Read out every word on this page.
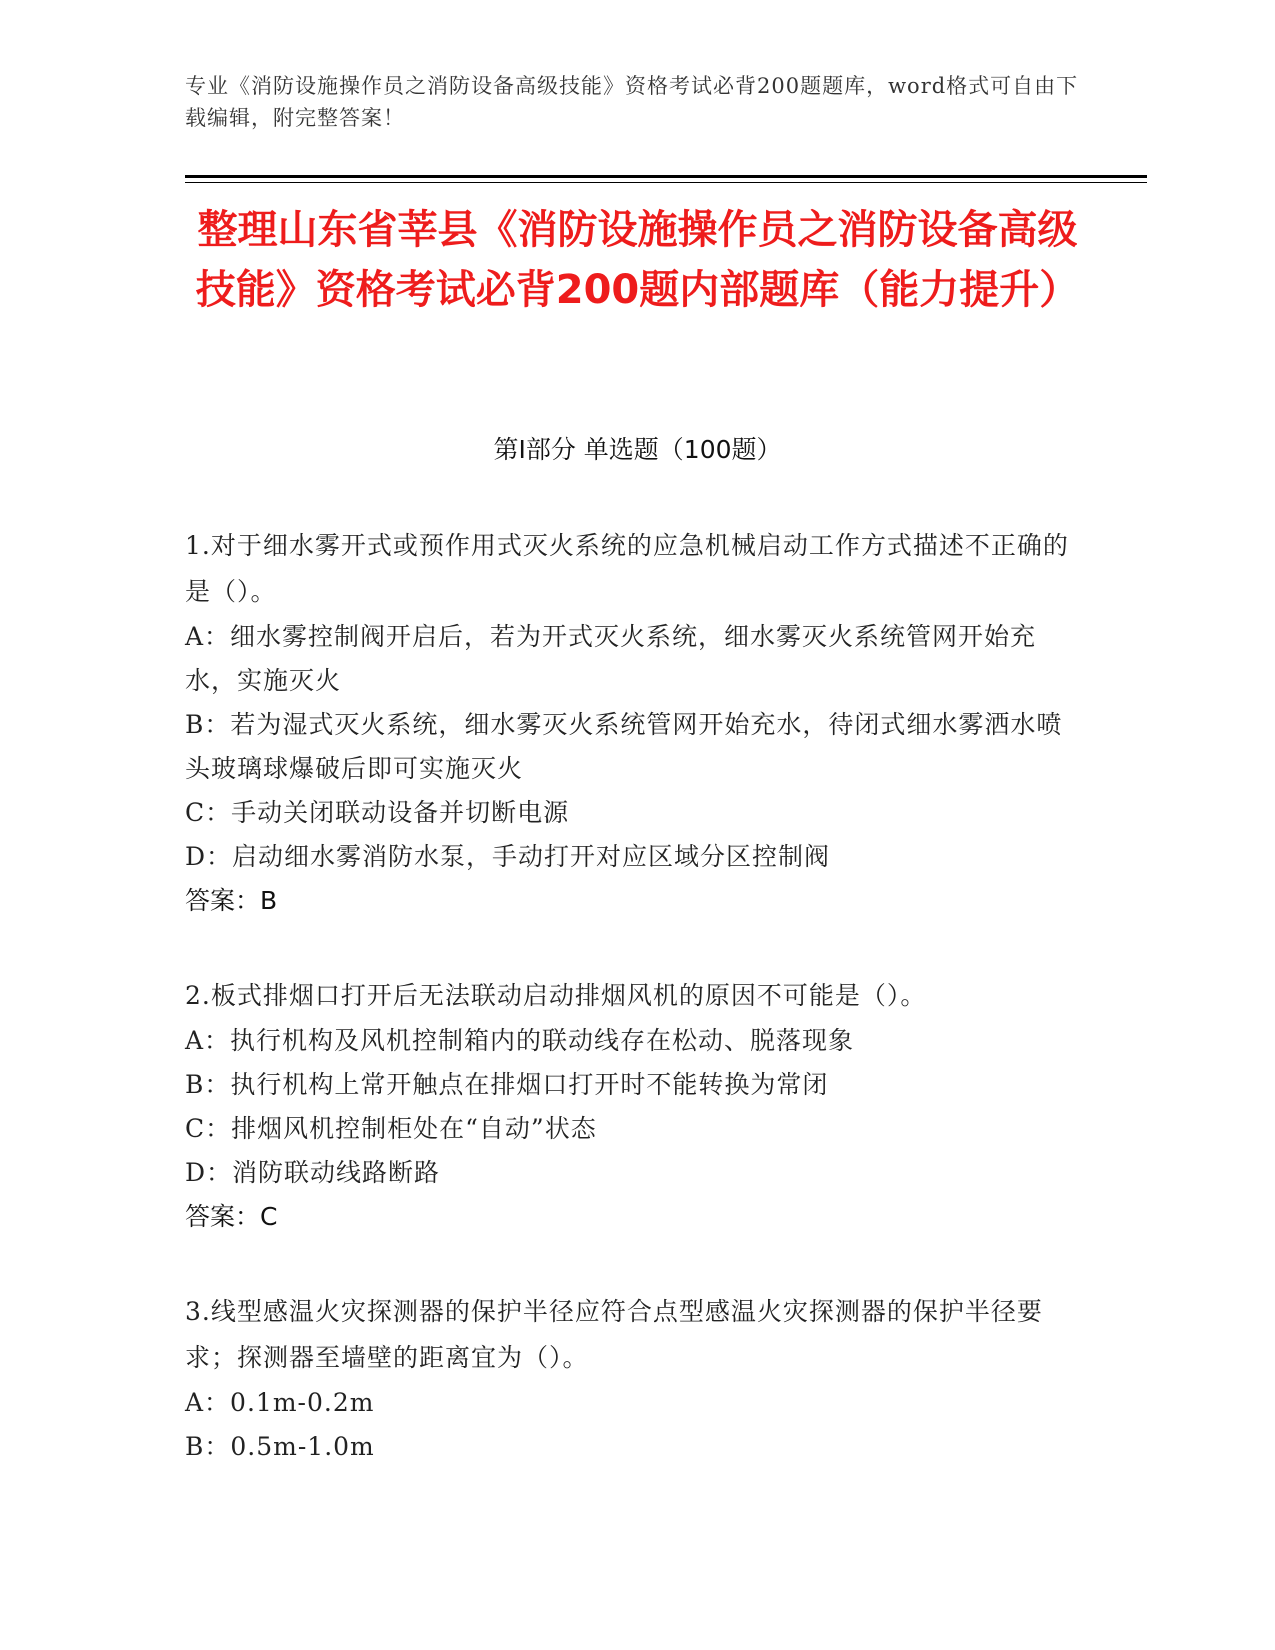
专业《消防设施操作员之消防设备高级技能》资格考试必背200题题库，word格式可自由下载编辑，附完整答案！
整理山东省莘县《消防设施操作员之消防设备高级技能》资格考试必背200题内部题库（能力提升）
第Ⅰ部分 单选题（100题）
1.对于细水雾开式或预作用式灭火系统的应急机械启动工作方式描述不正确的是（）。
A：细水雾控制阀开启后，若为开式灭火系统，细水雾灭火系统管网开始充水，实施灭火
B：若为湿式灭火系统，细水雾灭火系统管网开始充水，待闭式细水雾洒水喷头玻璃球爆破后即可实施灭火
C：手动关闭联动设备并切断电源
D：启动细水雾消防水泵，手动打开对应区域分区控制阀
答案：B
2.板式排烟口打开后无法联动启动排烟风机的原因不可能是（）。
A：执行机构及风机控制箱内的联动线存在松动、脱落现象
B：执行机构上常开触点在排烟口打开时不能转换为常闭
C：排烟风机控制柜处在“自动”状态
D：消防联动线路断路
答案：C
3.线型感温火灾探测器的保护半径应符合点型感温火灾探测器的保护半径要求；探测器至墙壁的距离宜为（）。
A：0.1m-0.2m
B：0.5m-1.0m
